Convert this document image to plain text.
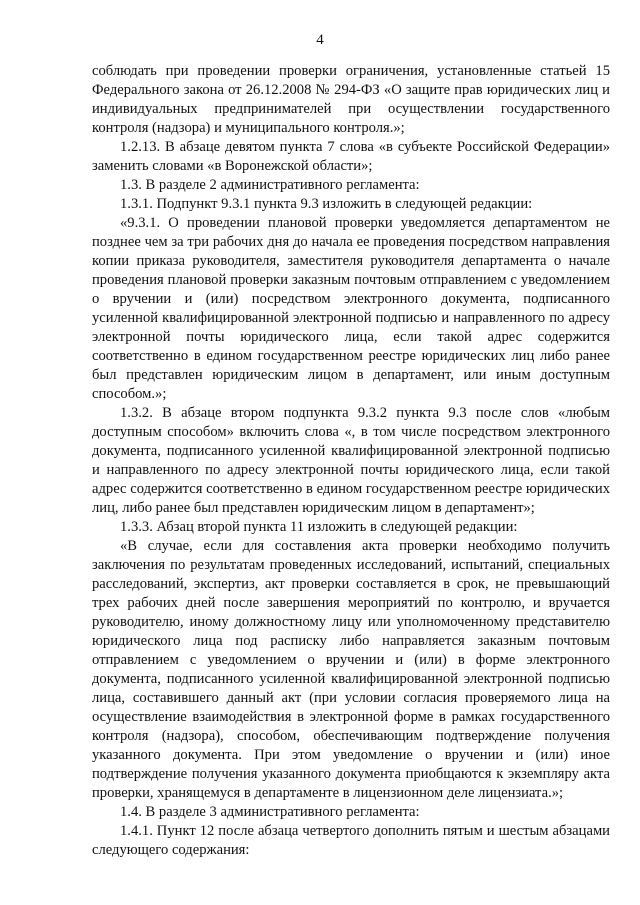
4

соблюдать при проведении проверки ограничения, установленные статьей 15 Федерального закона от 26.12.2008 № 294-ФЗ «О защите прав юридических лиц и индивидуальных предпринимателей при осуществлении государственного контроля (надзора) и муниципального контроля.»;

1.2.13. В абзаце девятом пункта 7 слова «в субъекте Российской Федерации» заменить словами «в Воронежской области»;

1.3. В разделе 2 административного регламента:

1.3.1. Подпункт 9.3.1 пункта 9.3 изложить в следующей редакции:

«9.3.1. О проведении плановой проверки уведомляется департаментом не позднее чем за три рабочих дня до начала ее проведения посредством направления копии приказа руководителя, заместителя руководителя департамента о начале проведения плановой проверки заказным почтовым отправлением с уведомлением о вручении и (или) посредством электронного документа, подписанного усиленной квалифицированной электронной подписью и направленного по адресу электронной почты юридического лица, если такой адрес содержится соответственно в едином государственном реестре юридических лиц либо ранее был представлен юридическим лицом в департамент, или иным доступным способом.»;

1.3.2. В абзаце втором подпункта 9.3.2 пункта 9.3 после слов «любым доступным способом» включить слова «, в том числе посредством электронного документа, подписанного усиленной квалифицированной электронной подписью и направленного по адресу электронной почты юридического лица, если такой адрес содержится соответственно в едином государственном реестре юридических лиц, либо ранее был представлен юридическим лицом в департамент»;

1.3.3. Абзац второй пункта 11 изложить в следующей редакции:

«В случае, если для составления акта проверки необходимо получить заключения по результатам проведенных исследований, испытаний, специальных расследований, экспертиз, акт проверки составляется в срок, не превышающий трех рабочих дней после завершения мероприятий по контролю, и вручается руководителю, иному должностному лицу или уполномоченному представителю юридического лица под расписку либо направляется заказным почтовым отправлением с уведомлением о вручении и (или) в форме электронного документа, подписанного усиленной квалифицированной электронной подписью лица, составившего данный акт (при условии согласия проверяемого лица на осуществление взаимодействия в электронной форме в рамках государственного контроля (надзора), способом, обеспечивающим подтверждение получения указанного документа. При этом уведомление о вручении и (или) иное подтверждение получения указанного документа приобщаются к экземпляру акта проверки, хранящемуся в департаменте в лицензионном деле лицензиата.»;

1.4. В разделе 3 административного регламента:

1.4.1. Пункт 12 после абзаца четвертого дополнить пятым и шестым абзацами следующего содержания:
